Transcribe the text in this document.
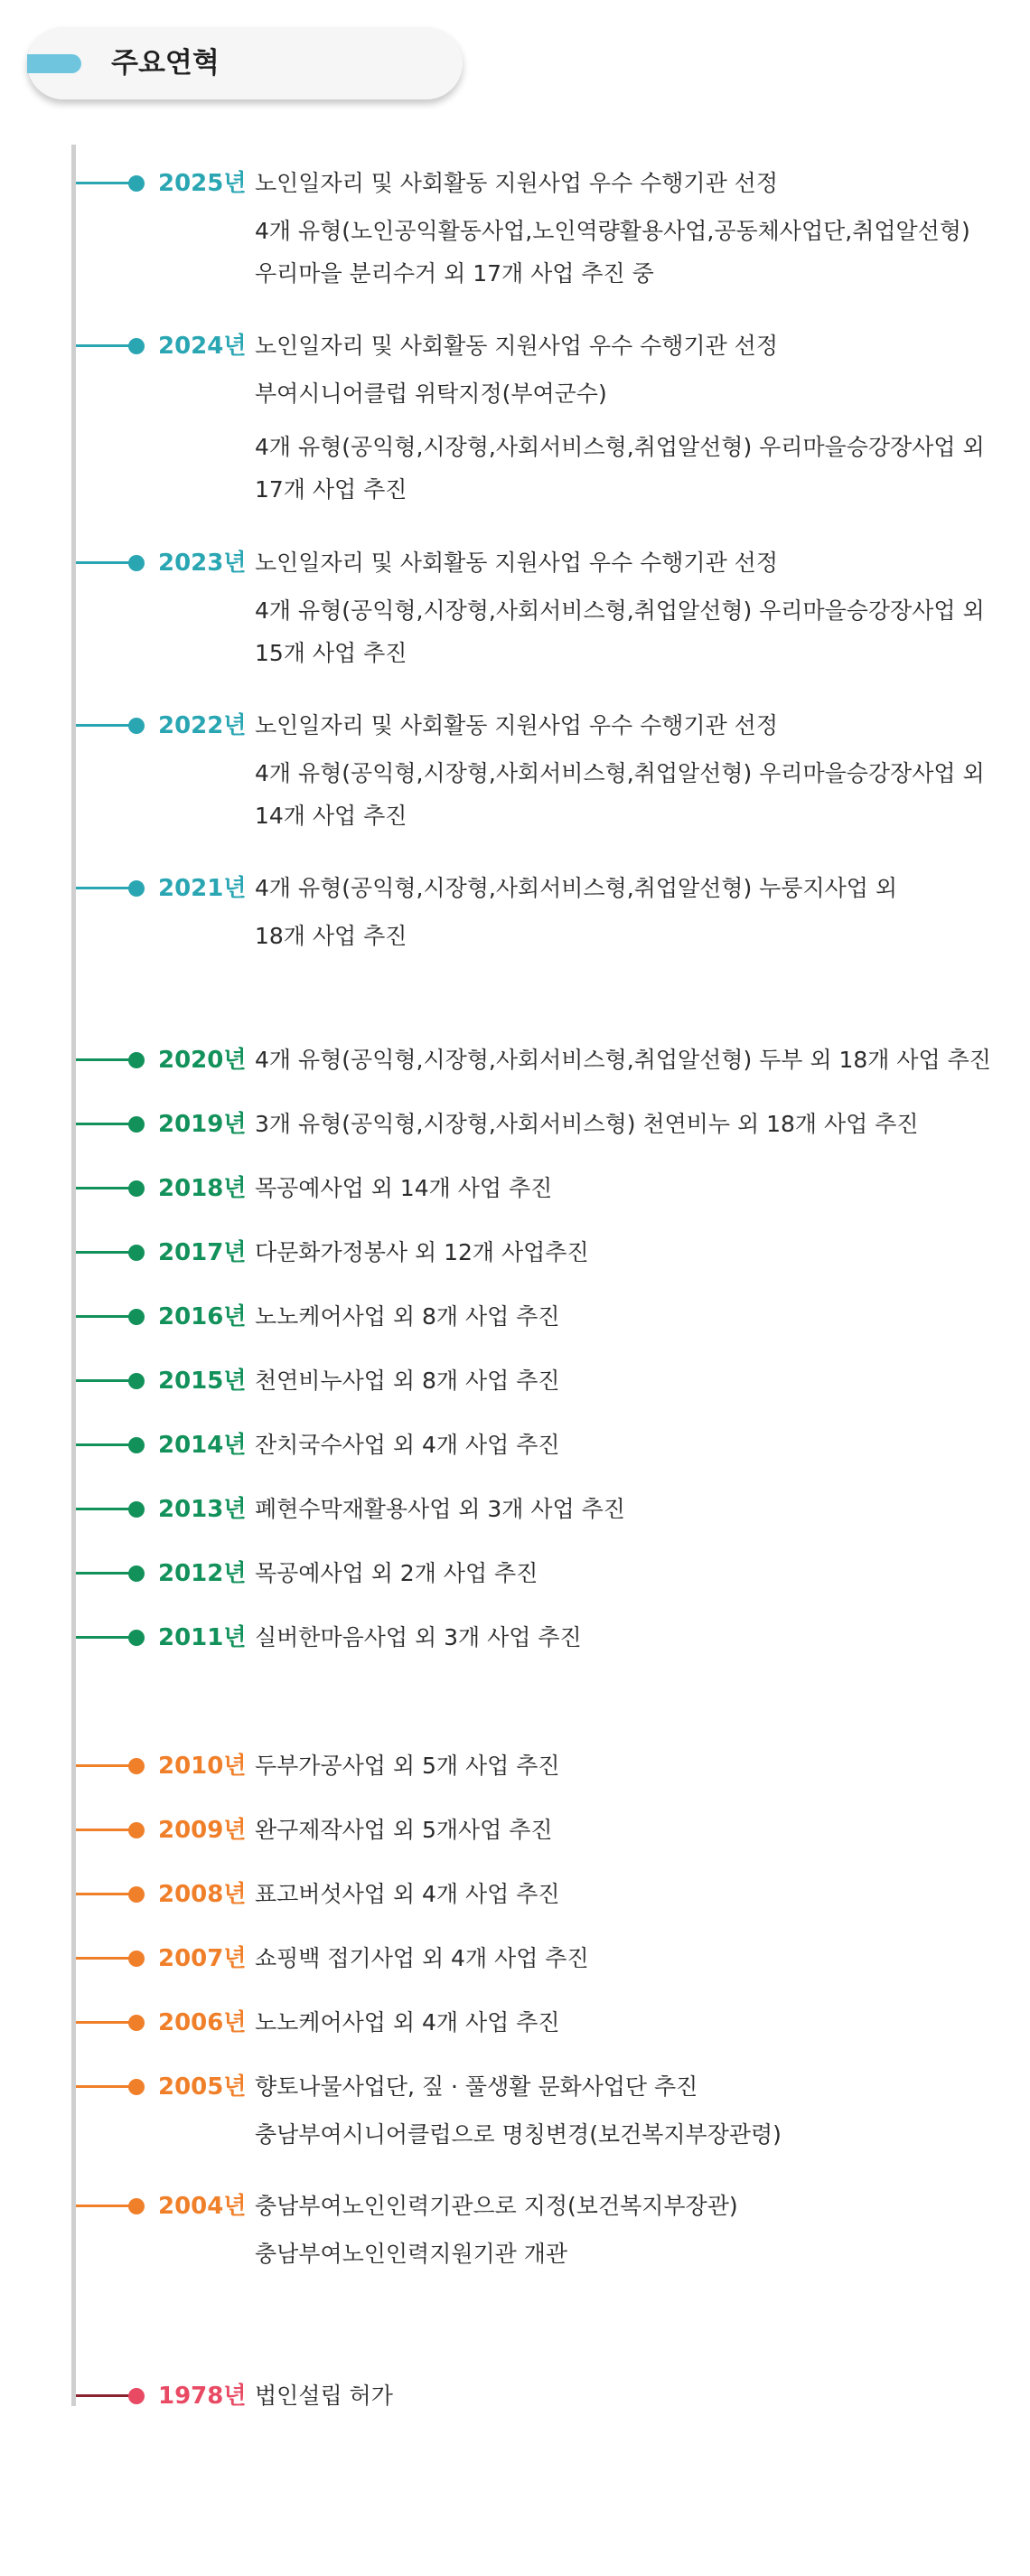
주요연혁
2025년 노인일자리 및 사회활동 지원사업 우수 수행기관 선정
4개 유형(노인공익활동사업,노인역량활용사업,공동체사업단,취업알선형)
우리마을 분리수거 외 17개 사업 추진 중
2024년 노인일자리 및 사회활동 지원사업 우수 수행기관 선정
부여시니어클럽 위탁지정(부여군수)
4개 유형(공익형,시장형,사회서비스형,취업알선형) 우리마을승강장사업 외
17개 사업 추진
2023년 노인일자리 및 사회활동 지원사업 우수 수행기관 선정
4개 유형(공익형,시장형,사회서비스형,취업알선형) 우리마을승강장사업 외
15개 사업 추진
2022년 노인일자리 및 사회활동 지원사업 우수 수행기관 선정
4개 유형(공익형,시장형,사회서비스형,취업알선형) 우리마을승강장사업 외
14개 사업 추진
2021년 4개 유형(공익형,시장형,사회서비스형,취업알선형) 누룽지사업 외
18개 사업 추진
2020년 4개 유형(공익형,시장형,사회서비스형,취업알선형) 두부 외 18개 사업 추진
2019년 3개 유형(공익형,시장형,사회서비스형) 천연비누 외 18개 사업 추진
2018년 목공예사업 외 14개 사업 추진
2017년 다문화가정봉사 외 12개 사업추진
2016년 노노케어사업 외 8개 사업 추진
2015년 천연비누사업 외 8개 사업 추진
2014년 잔치국수사업 외 4개 사업 추진
2013년 폐현수막재활용사업 외 3개 사업 추진
2012년 목공예사업 외 2개 사업 추진
2011년 실버한마음사업 외 3개 사업 추진
2010년 두부가공사업 외 5개 사업 추진
2009년 완구제작사업 외 5개사업 추진
2008년 표고버섯사업 외 4개 사업 추진
2007년 쇼핑백 접기사업 외 4개 사업 추진
2006년 노노케어사업 외 4개 사업 추진
2005년 향토나물사업단, 짚 · 풀생활 문화사업단 추진
충남부여시니어클럽으로 명칭변경(보건복지부장관령)
2004년 충남부여노인인력기관으로 지정(보건복지부장관)
충남부여노인인력지원기관 개관
1978년 법인설립 허가
